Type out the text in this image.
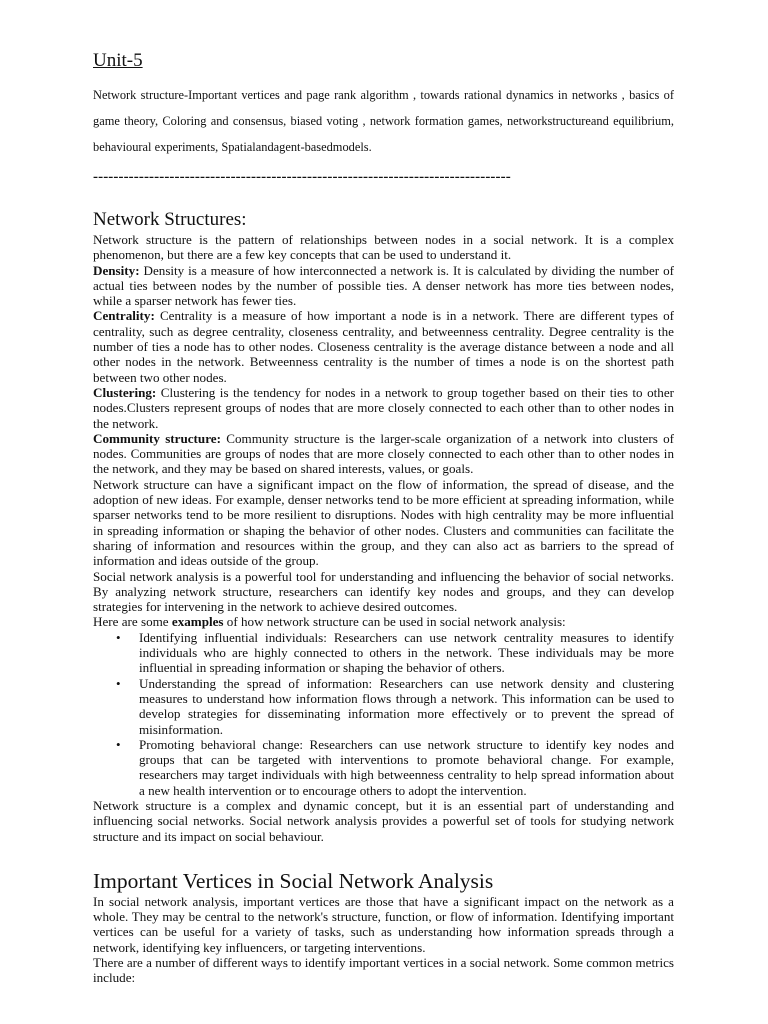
Unit-5

Network structure-Important vertices and page rank algorithm , towards rational dynamics in networks , basics of game theory, Coloring and consensus, biased voting , network formation games, networkstructureand equilibrium, behavioural experiments, Spatialandagent-basedmodels.

----------------------------------------------------------------------------------
Network Structures:

Network structure is the pattern of relationships between nodes in a social network. It is a complex phenomenon, but there are a few key concepts that can be used to understand it.

Density: Density is a measure of how interconnected a network is. It is calculated by dividing the number of actual ties between nodes by the number of possible ties. A denser network has more ties between nodes, while a sparser network has fewer ties.

Centrality: Centrality is a measure of how important a node is in a network. There are different types of centrality, such as degree centrality, closeness centrality, and betweenness centrality. Degree centrality is the number of ties a node has to other nodes. Closeness centrality is the average distance between a node and all other nodes in the network. Betweenness centrality is the number of times a node is on the shortest path between two other nodes.

Clustering: Clustering is the tendency for nodes in a network to group together based on their ties to other nodes.Clusters represent groups of nodes that are more closely connected to each other than to other nodes in the network.

Community structure: Community structure is the larger-scale organization of a network into clusters of nodes. Communities are groups of nodes that are more closely connected to each other than to other nodes in the network, and they may be based on shared interests, values, or goals.

Network structure can have a significant impact on the flow of information, the spread of disease, and the adoption of new ideas. For example, denser networks tend to be more efficient at spreading information, while sparser networks tend to be more resilient to disruptions. Nodes with high centrality may be more influential in spreading information or shaping the behavior of other nodes. Clusters and communities can facilitate the sharing of information and resources within the group, and they can also act as barriers to the spread of information and ideas outside of the group.

Social network analysis is a powerful tool for understanding and influencing the behavior of social networks. By analyzing network structure, researchers can identify key nodes and groups, and they can develop strategies for intervening in the network to achieve desired outcomes.

Here are some examples of how network structure can be used in social network analysis:

• Identifying influential individuals: Researchers can use network centrality measures to identify individuals who are highly connected to others in the network. These individuals may be more influential in spreading information or shaping the behavior of others.
• Understanding the spread of information: Researchers can use network density and clustering measures to understand how information flows through a network. This information can be used to develop strategies for disseminating information more effectively or to prevent the spread of misinformation.
• Promoting behavioral change: Researchers can use network structure to identify key nodes and groups that can be targeted with interventions to promote behavioral change. For example, researchers may target individuals with high betweenness centrality to help spread information about a new health intervention or to encourage others to adopt the intervention.

Network structure is a complex and dynamic concept, but it is an essential part of understanding and influencing social networks. Social network analysis provides a powerful set of tools for studying network structure and its impact on social behaviour.

Important Vertices in Social Network Analysis

In social network analysis, important vertices are those that have a significant impact on the network as a whole. They may be central to the network's structure, function, or flow of information. Identifying important vertices can be useful for a variety of tasks, such as understanding how information spreads through a network, identifying key influencers, or targeting interventions.

There are a number of different ways to identify important vertices in a social network. Some common metrics include:
